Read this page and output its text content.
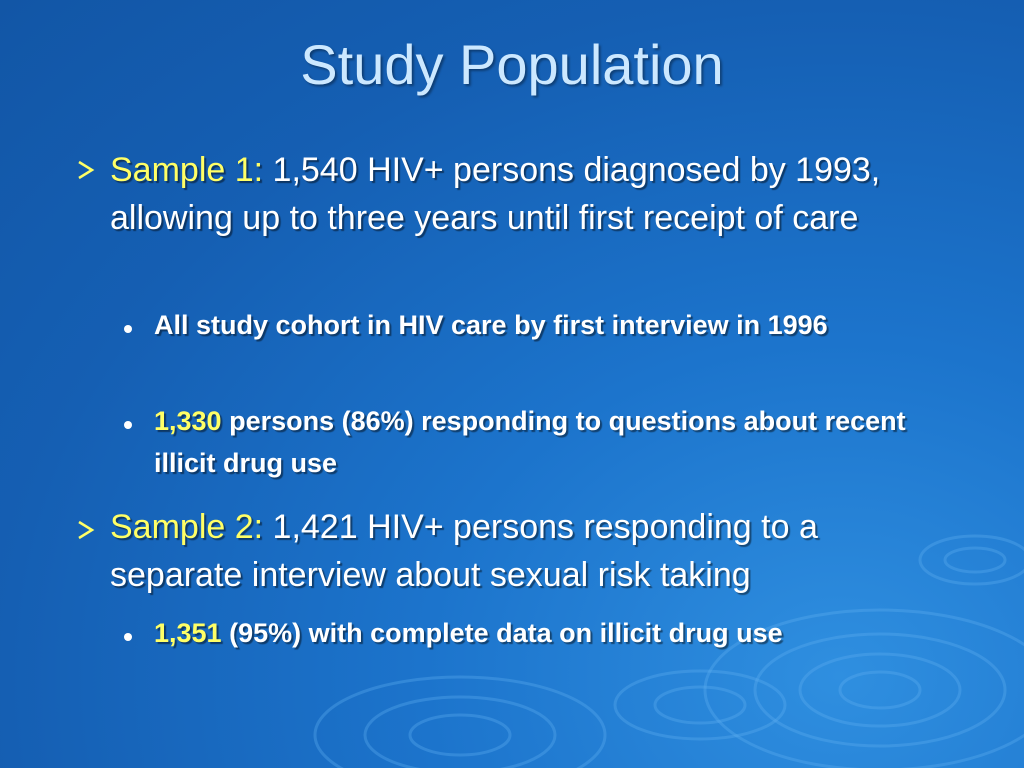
Study Population
Sample 1: 1,540 HIV+ persons diagnosed by 1993, allowing up to three years until first receipt of care
All study cohort in HIV care by first interview in 1996
1,330 persons (86%) responding to questions about recent illicit drug use
Sample 2: 1,421 HIV+ persons responding to a separate interview about sexual risk taking
1,351 (95%) with complete data on illicit drug use
